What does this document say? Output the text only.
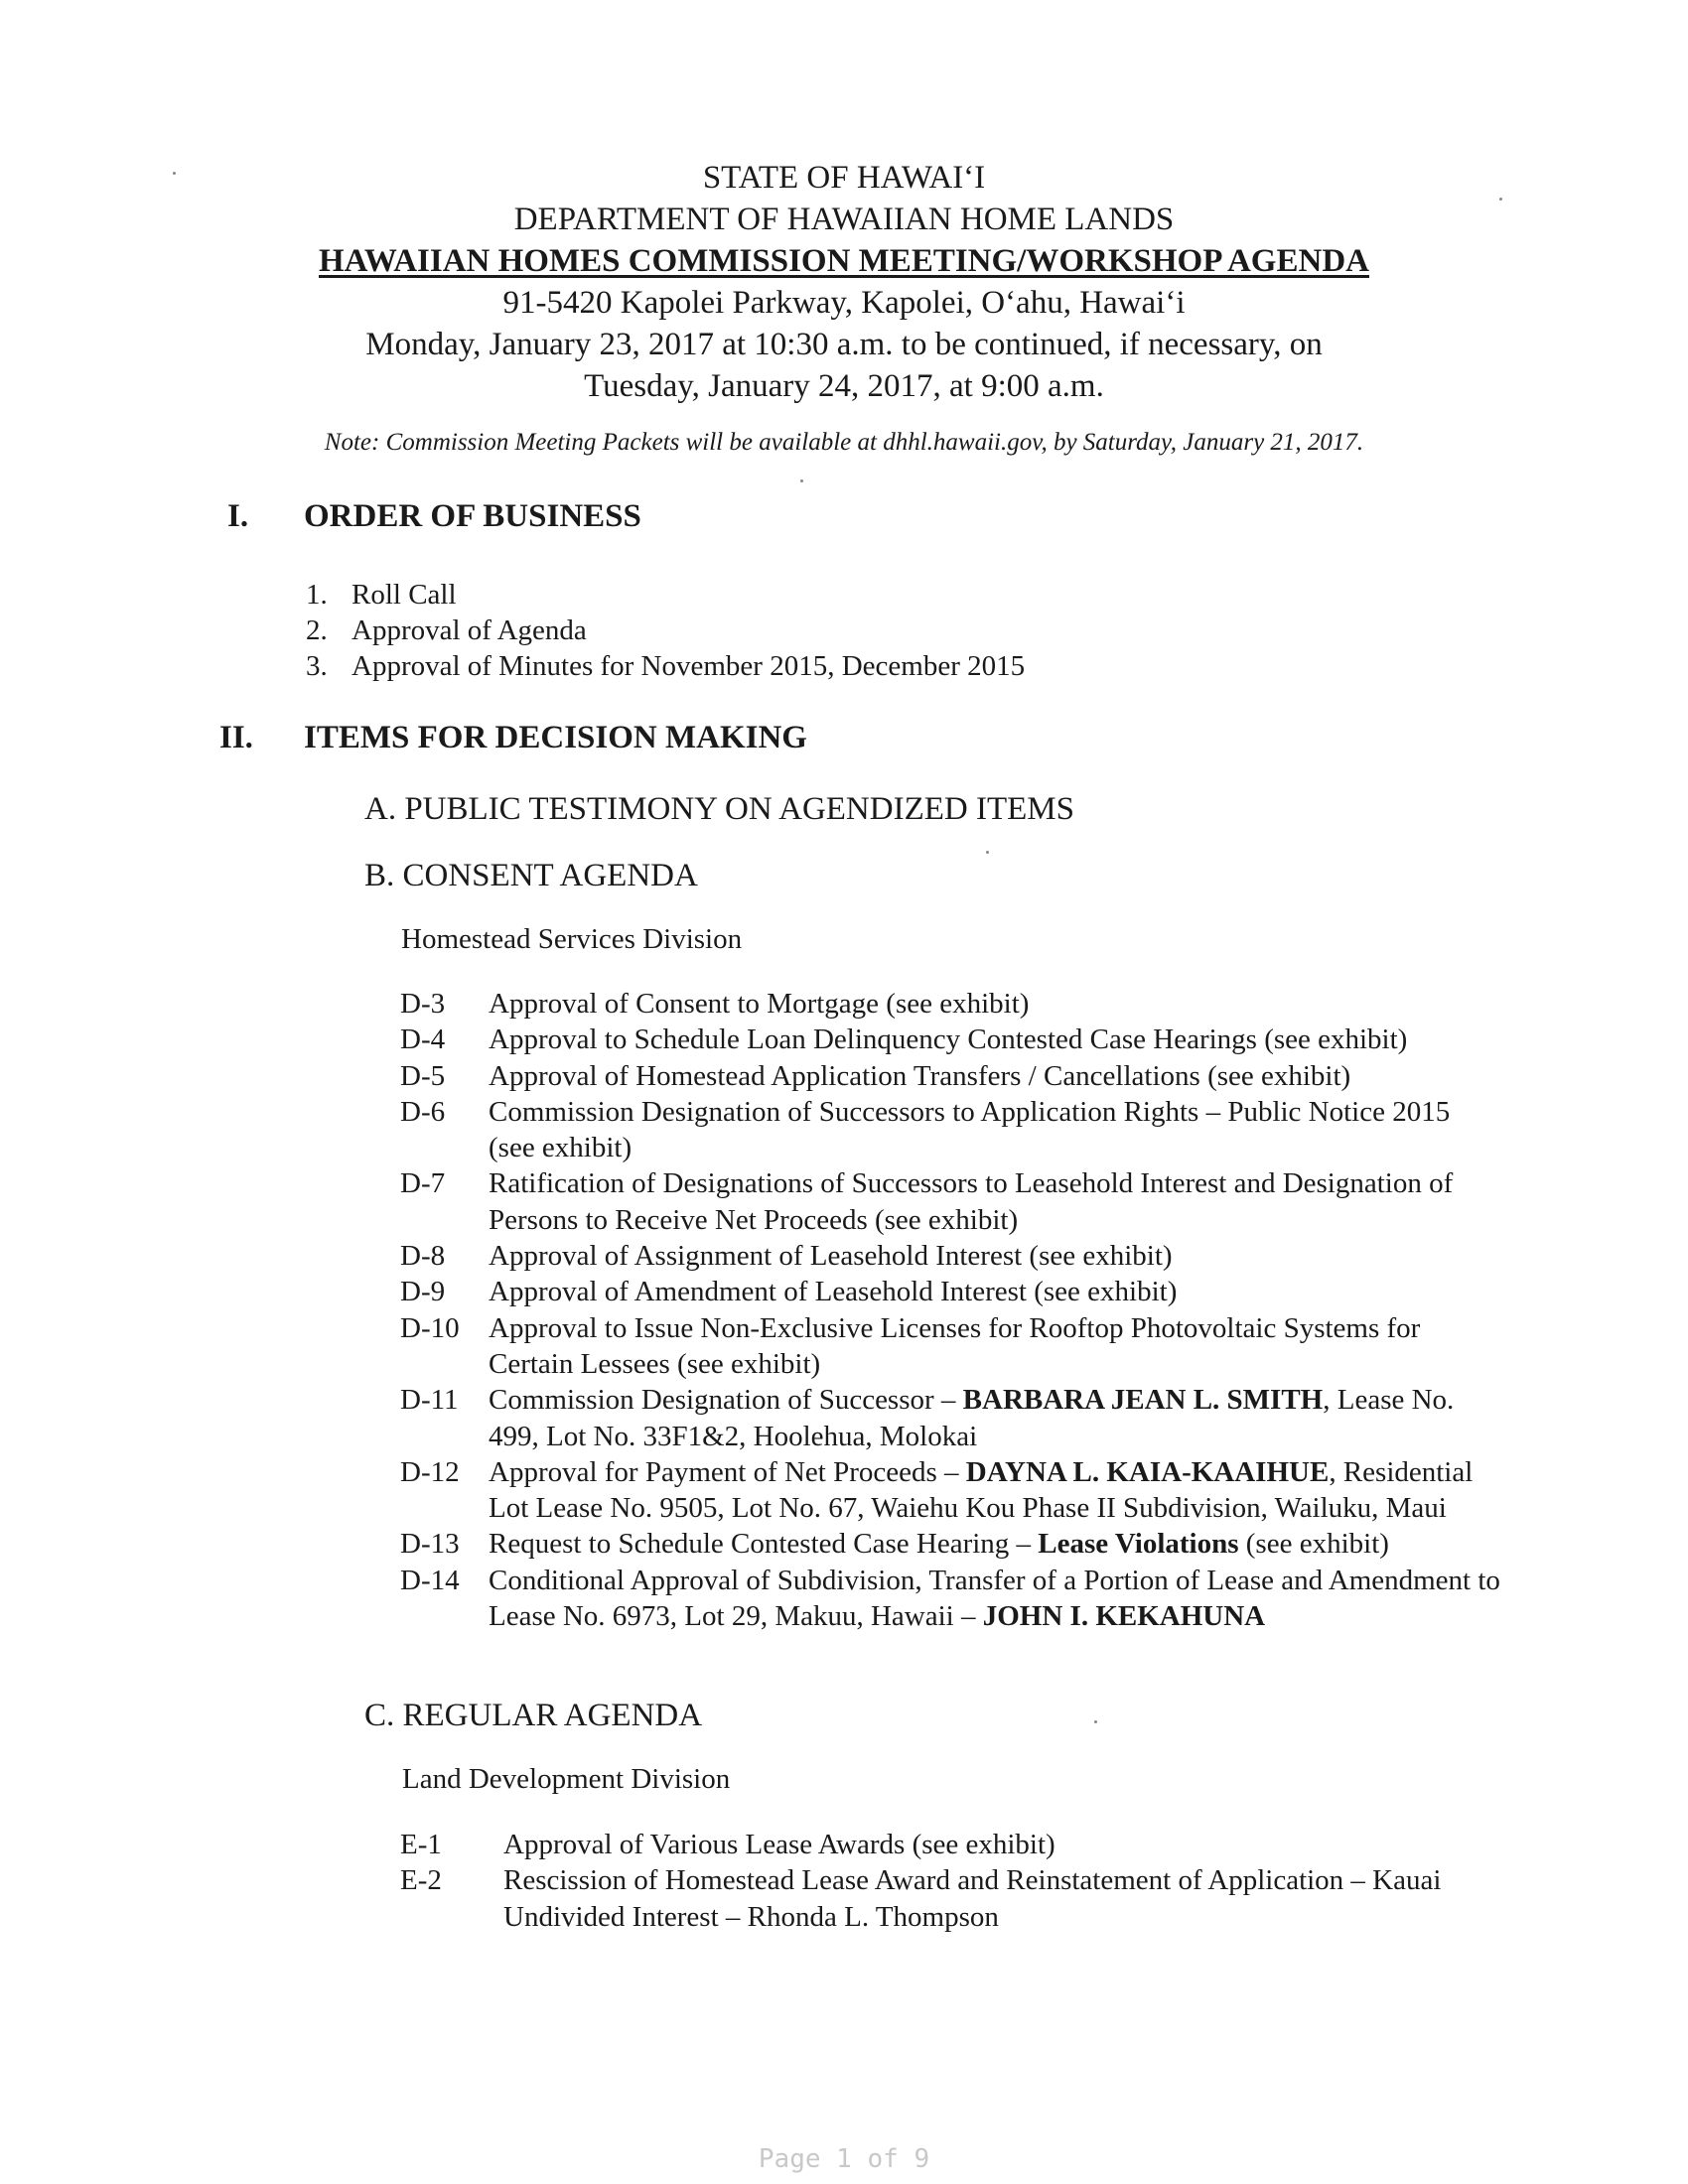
STATE OF HAWAIʻI
DEPARTMENT OF HAWAIIAN HOME LANDS
HAWAIIAN HOMES COMMISSION MEETING/WORKSHOP AGENDA
91-5420 Kapolei Parkway, Kapolei, Oʻahu, Hawaiʻi
Monday, January 23, 2017 at 10:30 a.m. to be continued, if necessary, on
Tuesday, January 24, 2017, at 9:00 a.m.
Note: Commission Meeting Packets will be available at dhhl.hawaii.gov, by Saturday, January 21, 2017.
I. ORDER OF BUSINESS
1. Roll Call
2. Approval of Agenda
3. Approval of Minutes for November 2015, December 2015
II. ITEMS FOR DECISION MAKING
A. PUBLIC TESTIMONY ON AGENDIZED ITEMS
B. CONSENT AGENDA
Homestead Services Division
D-3 Approval of Consent to Mortgage (see exhibit)
D-4 Approval to Schedule Loan Delinquency Contested Case Hearings (see exhibit)
D-5 Approval of Homestead Application Transfers / Cancellations (see exhibit)
D-6 Commission Designation of Successors to Application Rights – Public Notice 2015 (see exhibit)
D-7 Ratification of Designations of Successors to Leasehold Interest and Designation of Persons to Receive Net Proceeds (see exhibit)
D-8 Approval of Assignment of Leasehold Interest (see exhibit)
D-9 Approval of Amendment of Leasehold Interest (see exhibit)
D-10 Approval to Issue Non-Exclusive Licenses for Rooftop Photovoltaic Systems for Certain Lessees (see exhibit)
D-11 Commission Designation of Successor – BARBARA JEAN L. SMITH, Lease No. 499, Lot No. 33F1&2, Hoolehua, Molokai
D-12 Approval for Payment of Net Proceeds – DAYNA L. KAIA-KAAIHUE, Residential Lot Lease No. 9505, Lot No. 67, Waiehu Kou Phase II Subdivision, Wailuku, Maui
D-13 Request to Schedule Contested Case Hearing – Lease Violations (see exhibit)
D-14 Conditional Approval of Subdivision, Transfer of a Portion of Lease and Amendment to Lease No. 6973, Lot 29, Makuu, Hawaii – JOHN I. KEKAHUNA
C. REGULAR AGENDA
Land Development Division
E-1 Approval of Various Lease Awards (see exhibit)
E-2 Rescission of Homestead Lease Award and Reinstatement of Application – Kauai Undivided Interest – Rhonda L. Thompson
Page 1 of 9
